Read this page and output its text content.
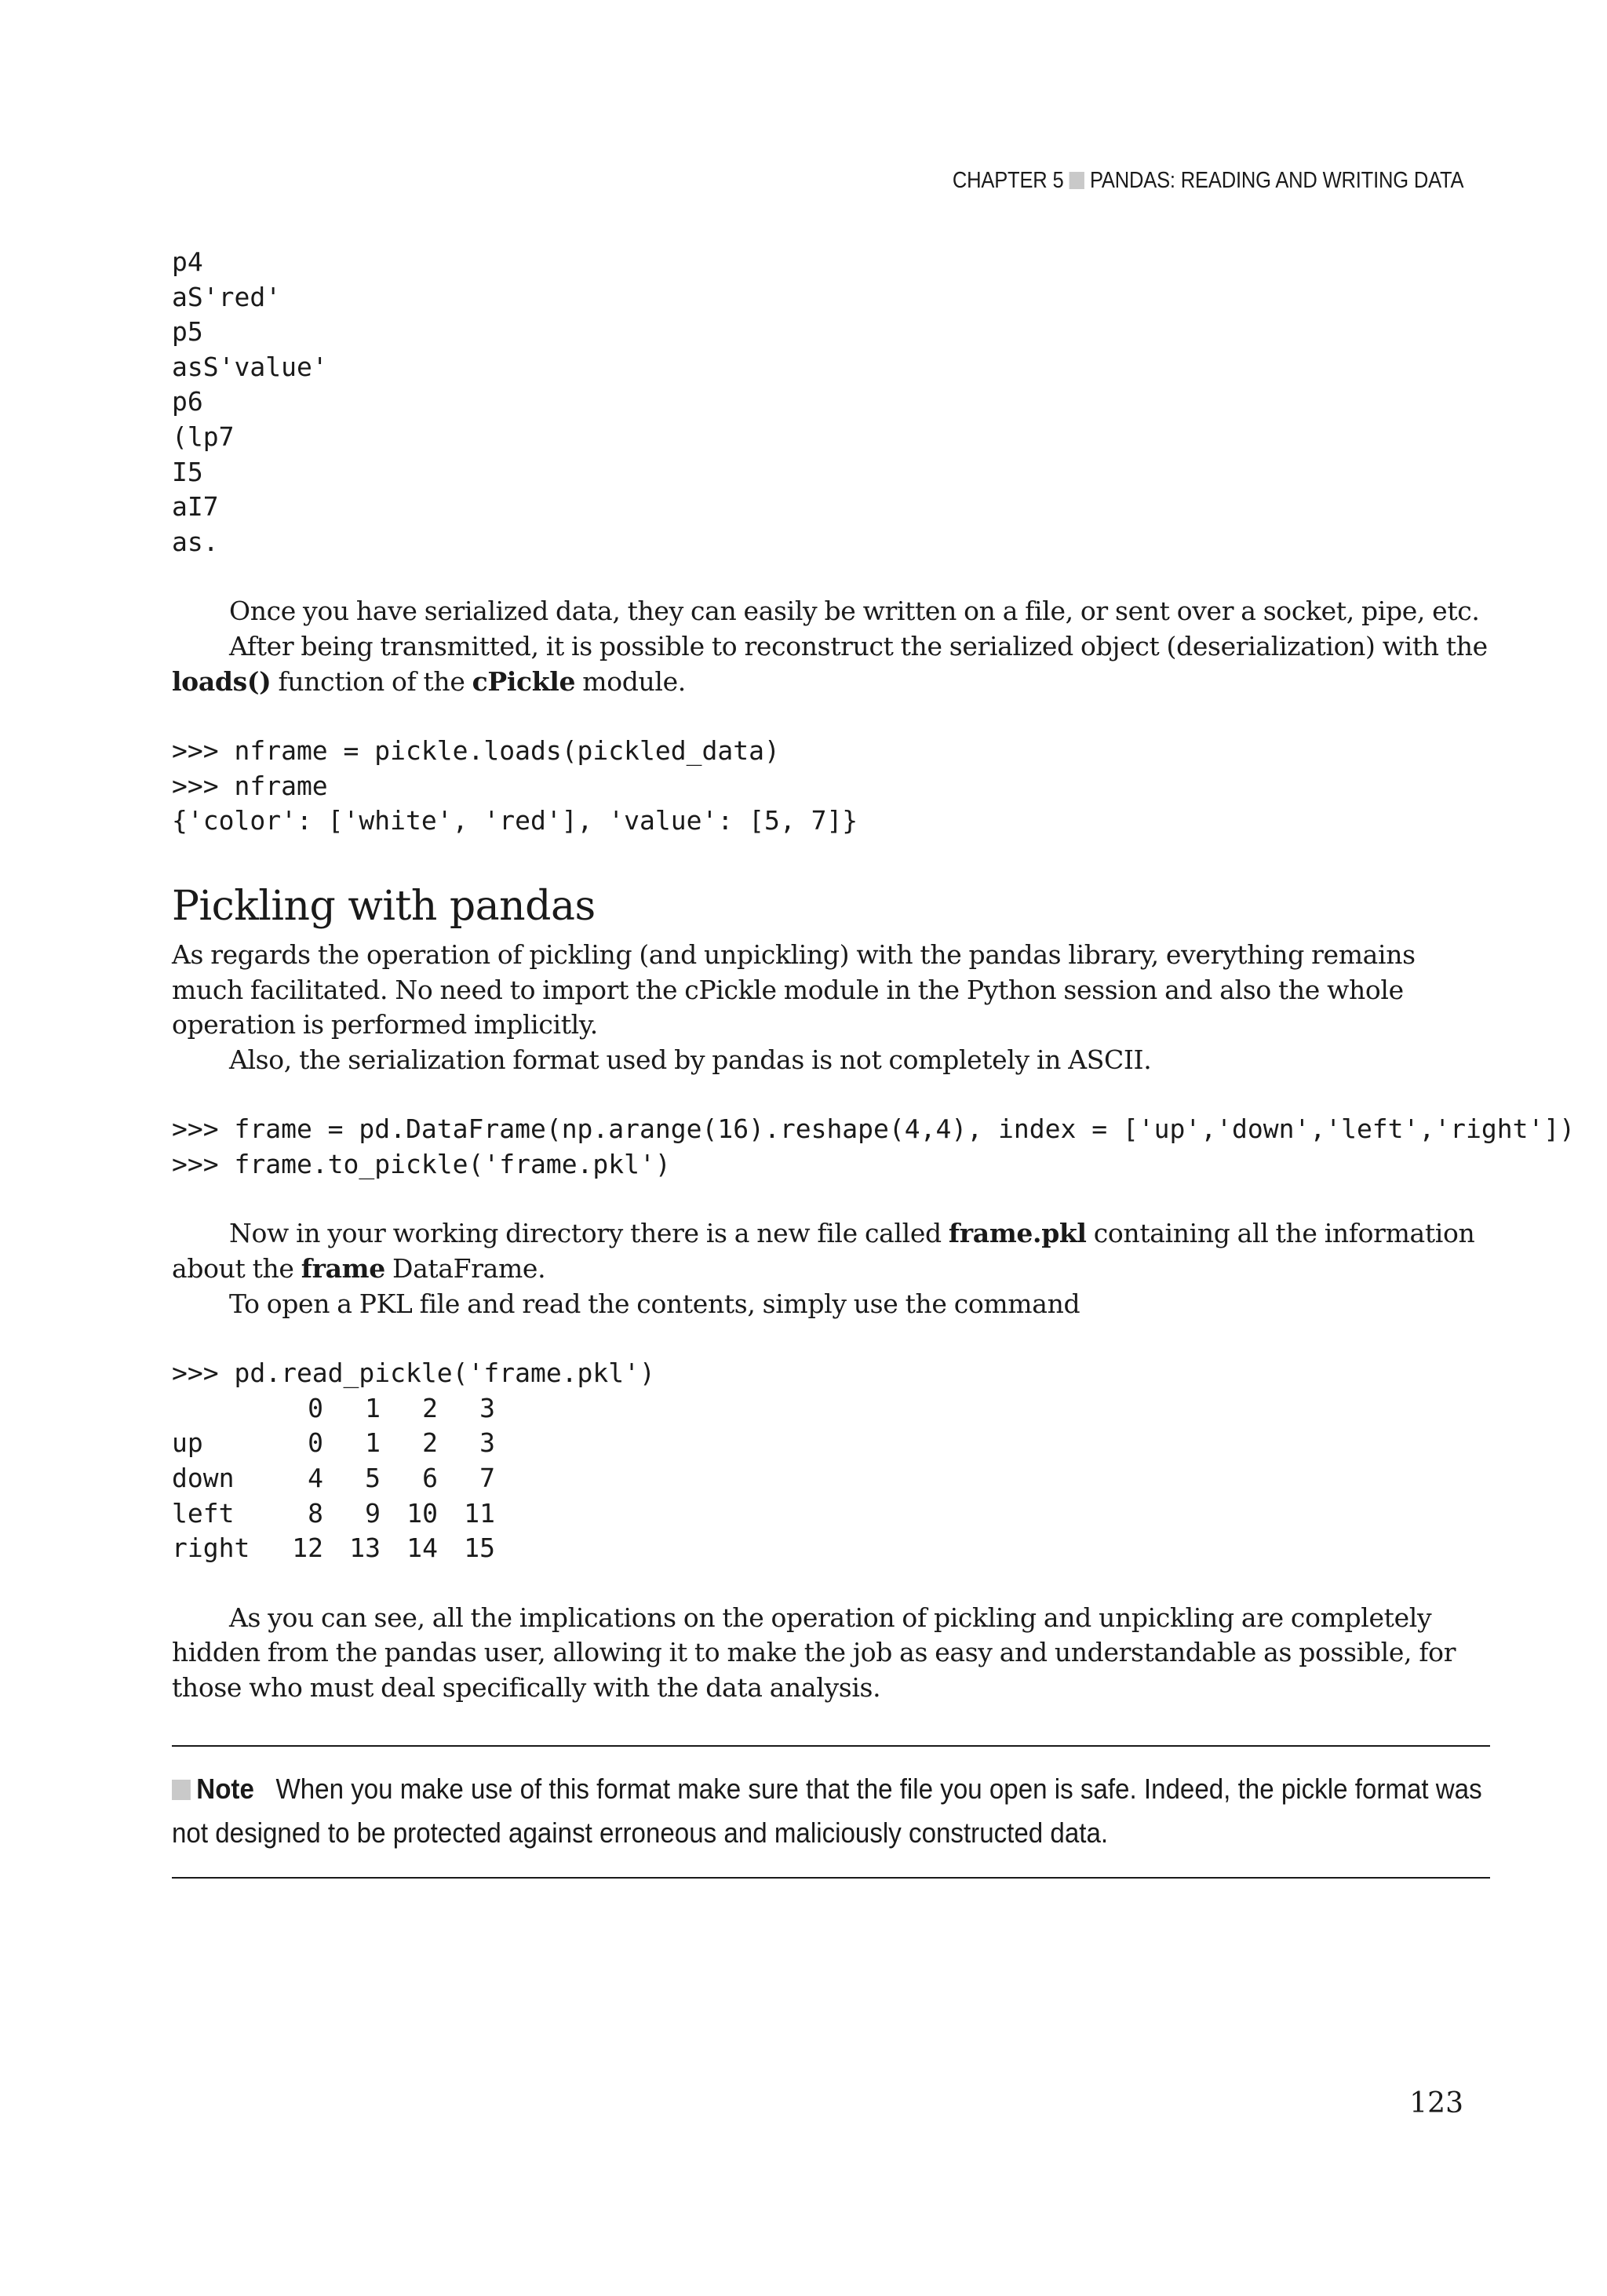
CHAPTER 5 PANDAS: READING AND WRITING DATA
p4
aS'red'
p5
asS'value'
p6
(lp7
I5
aI7
as.

Once you have serialized data, they can easily be written on a file, or sent over a socket, pipe, etc.

After being transmitted, it is possible to reconstruct the serialized object (deserialization) with the loads() function of the cPickle module.

>>> nframe = pickle.loads(pickled_data)
>>> nframe
{'color': ['white', 'red'], 'value': [5, 7]}
Pickling with pandas

As regards the operation of pickling (and unpickling) with the pandas library, everything remains much facilitated. No need to import the cPickle module in the Python session and also the whole operation is performed implicitly.

Also, the serialization format used by pandas is not completely in ASCII.

>>> frame = pd.DataFrame(np.arange(16).reshape(4,4), index = ['up','down','left','right'])
>>> frame.to_pickle('frame.pkl')

Now in your working directory there is a new file called frame.pkl containing all the information about the frame DataFrame.

To open a PKL file and read the contents, simply use the command

>>> pd.read_pickle('frame.pkl')
	0	1	2	3
up	0	1	2	3
down	4	5	6	7
left	8	9	10	11
right	12	13	14	15

As you can see, all the implications on the operation of pickling and unpickling are completely hidden from the pandas user, allowing it to make the job as easy and understandable as possible, for those who must deal specifically with the data analysis.

Note When you make use of this format make sure that the file you open is safe. Indeed, the pickle format was not designed to be protected against erroneous and maliciously constructed data.

123
